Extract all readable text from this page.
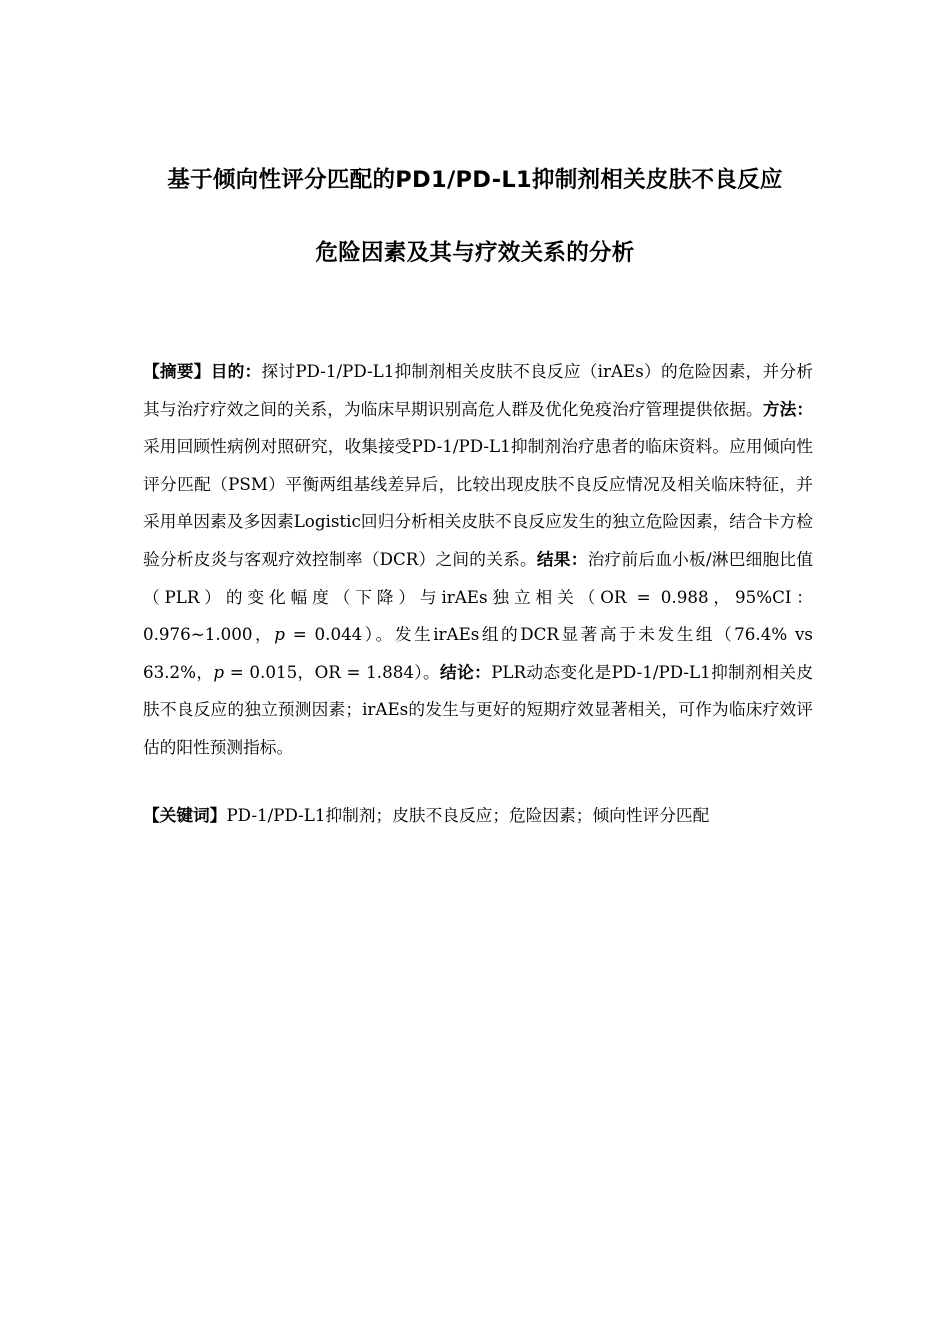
基于倾向性评分匹配的PD1/PD-L1抑制剂相关皮肤不良反应
危险因素及其与疗效关系的分析

【摘要】目的：探讨PD-1/PD-L1抑制剂相关皮肤不良反应（irAEs）的危险因素，并分析其与治疗疗效之间的关系，为临床早期识别高危人群及优化免疫治疗管理提供依据。方法：采用回顾性病例对照研究，收集接受PD-1/PD-L1抑制剂治疗患者的临床资料。应用倾向性评分匹配（PSM）平衡两组基线差异后，比较出现皮肤不良反应情况及相关临床特征，并采用单因素及多因素Logistic回归分析相关皮肤不良反应发生的独立危险因素，结合卡方检验分析皮炎与客观疗效控制率（DCR）之间的关系。结果：治疗前后血小板/淋巴细胞比值（PLR）的变化幅度（下降）与irAEs独立相关（OR = 0.988，95%CI：0.976~1.000，p = 0.044）。发生irAEs组的DCR显著高于未发生组（76.4% vs 63.2%，p = 0.015，OR = 1.884）。结论：PLR动态变化是PD-1/PD-L1抑制剂相关皮肤不良反应的独立预测因素；irAEs的发生与更好的短期疗效显著相关，可作为临床疗效评估的阳性预测指标。

【关键词】PD-1/PD-L1抑制剂；皮肤不良反应；危险因素；倾向性评分匹配
